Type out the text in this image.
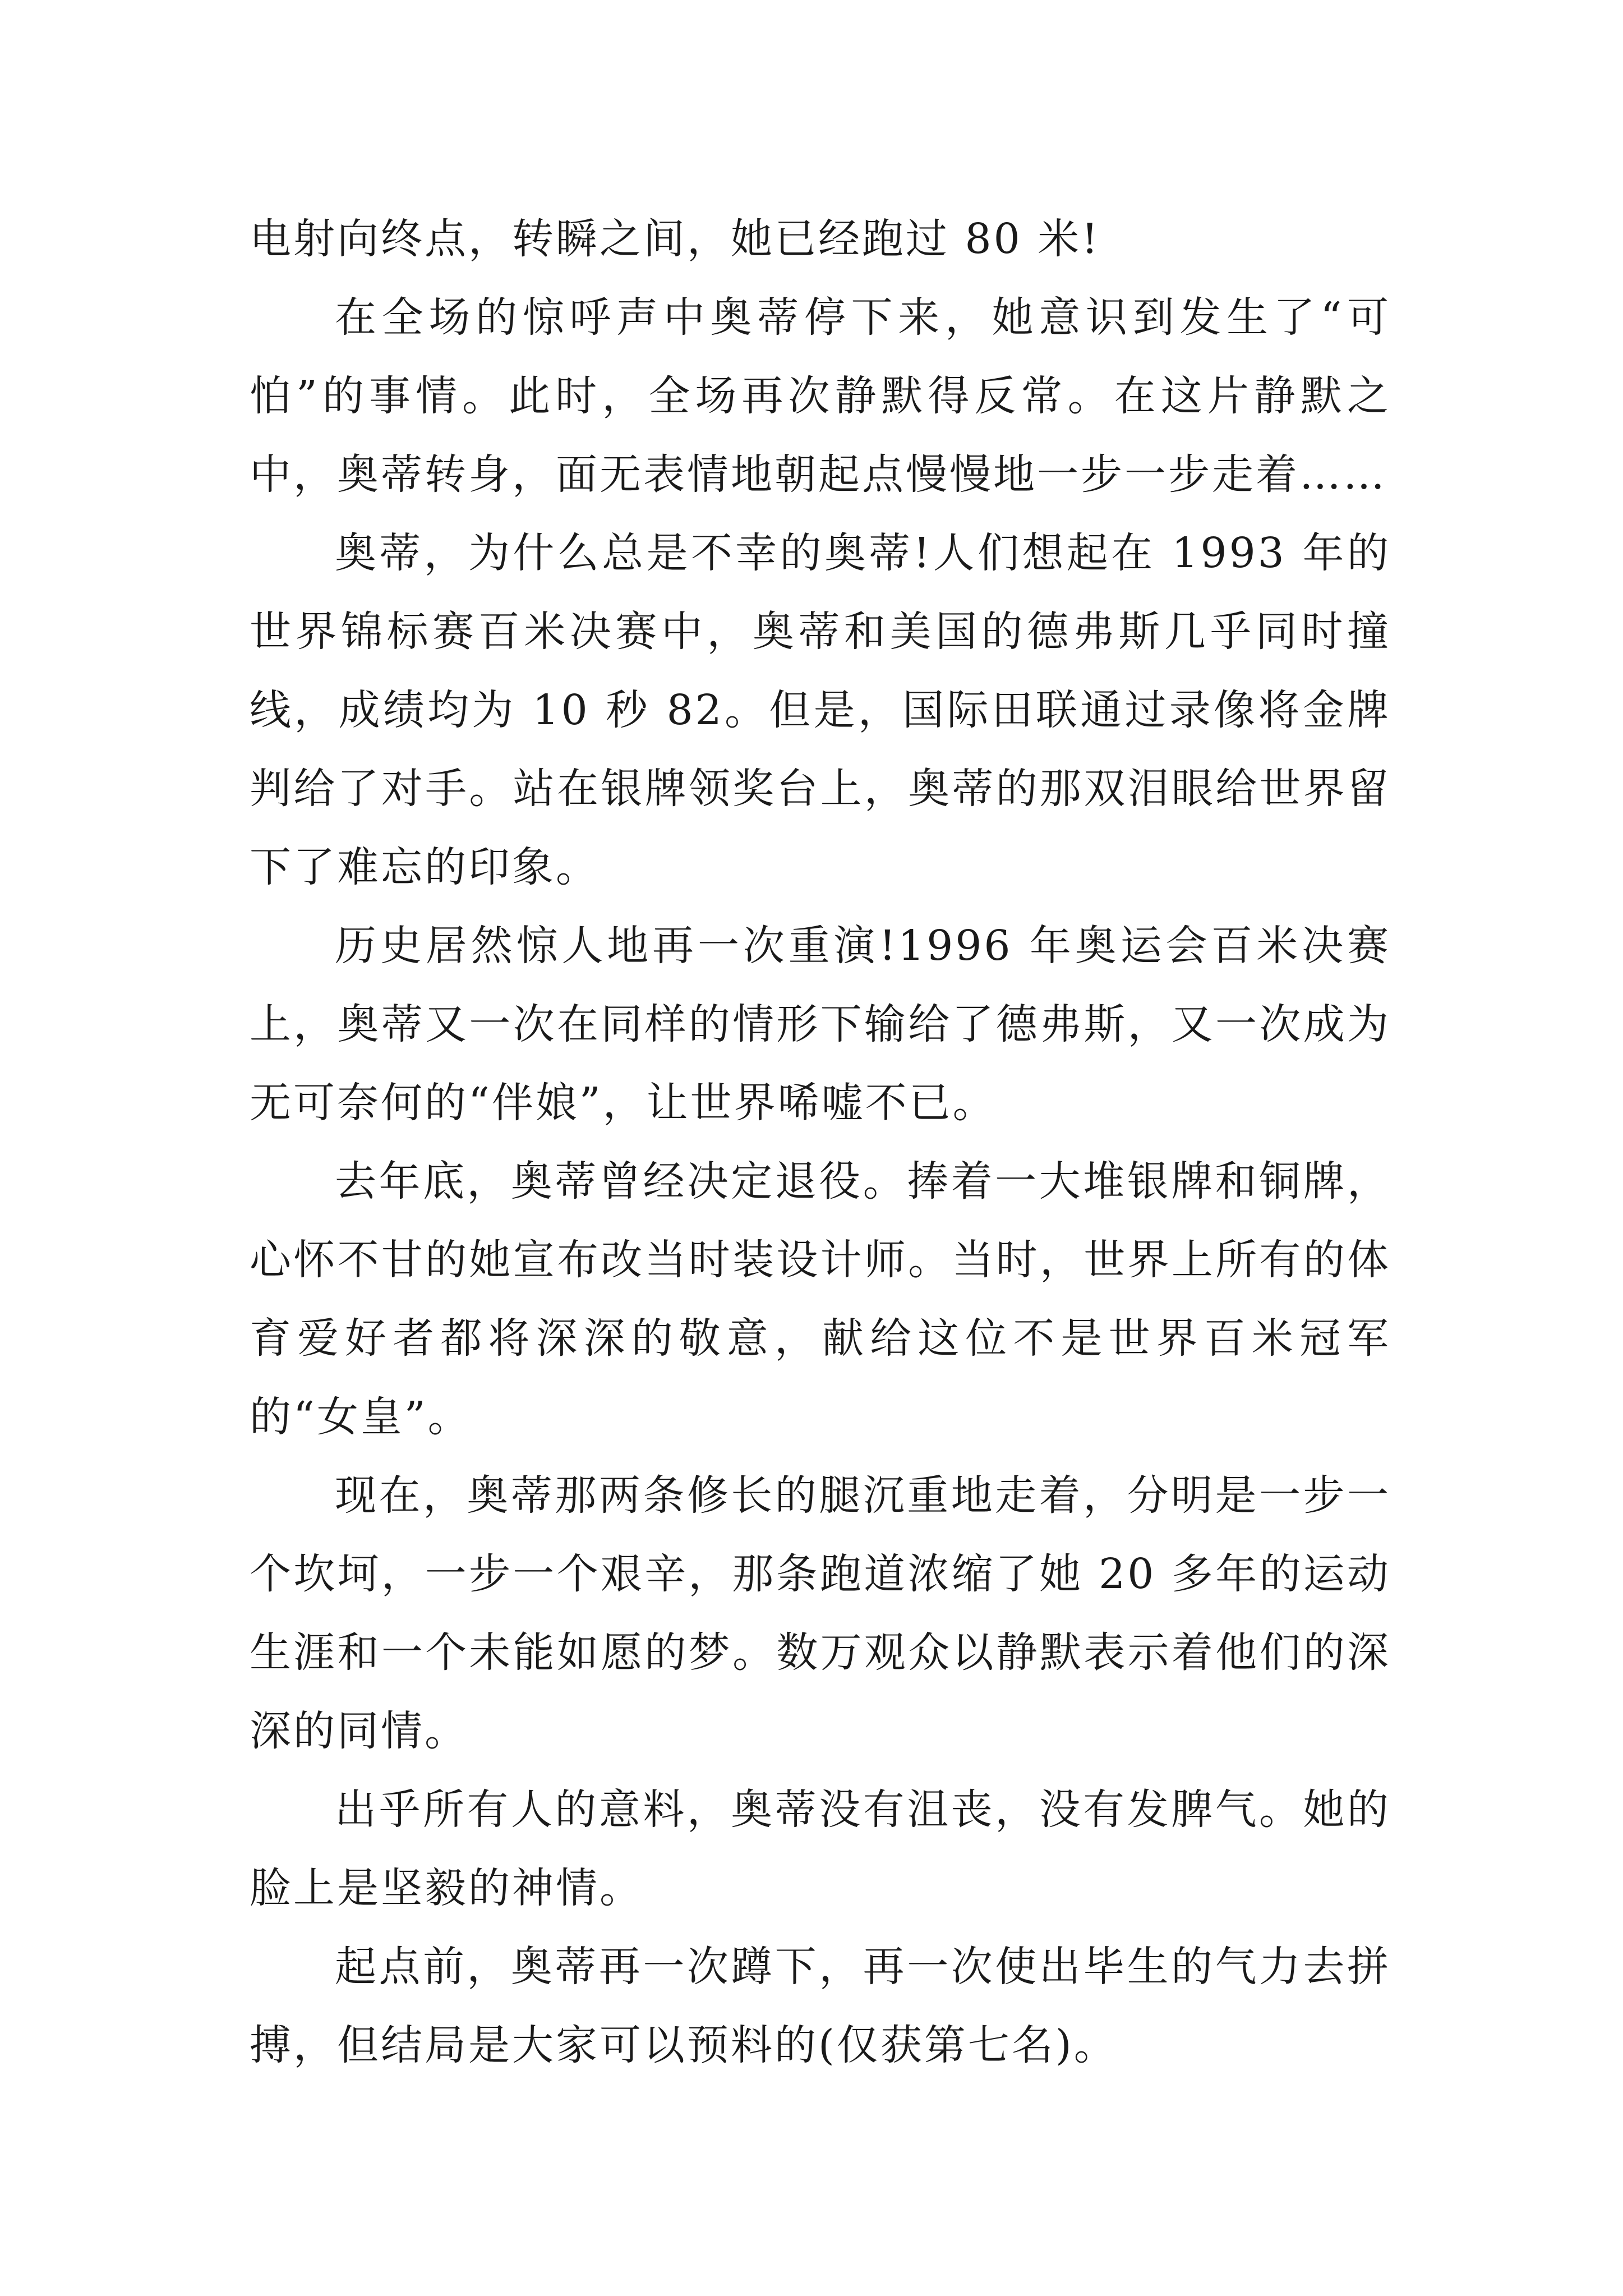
电射向终点，转瞬之间，她已经跑过 80 米!

在全场的惊呼声中奥蒂停下来，她意识到发生了“可怕”的事情。此时，全场再次静默得反常。在这片静默之中，奥蒂转身，面无表情地朝起点慢慢地一步一步走着……

奥蒂，为什么总是不幸的奥蒂!人们想起在 1993 年的世界锦标赛百米决赛中，奥蒂和美国的德弗斯几乎同时撞线，成绩均为 10 秒 82。但是，国际田联通过录像将金牌判给了对手。站在银牌领奖台上，奥蒂的那双泪眼给世界留下了难忘的印象。

历史居然惊人地再一次重演!1996 年奥运会百米决赛上，奥蒂又一次在同样的情形下输给了德弗斯，又一次成为无可奈何的“伴娘”，让世界唏嘘不已。

去年底，奥蒂曾经决定退役。捧着一大堆银牌和铜牌，心怀不甘的她宣布改当时装设计师。当时，世界上所有的体育爱好者都将深深的敬意，献给这位不是世界百米冠军的“女皇”。

现在，奥蒂那两条修长的腿沉重地走着，分明是一步一个坎坷，一步一个艰辛，那条跑道浓缩了她 20 多年的运动生涯和一个未能如愿的梦。数万观众以静默表示着他们的深深的同情。

出乎所有人的意料，奥蒂没有沮丧，没有发脾气。她的脸上是坚毅的神情。

起点前，奥蒂再一次蹲下，再一次使出毕生的气力去拼搏，但结局是大家可以预料的(仅获第七名)。
